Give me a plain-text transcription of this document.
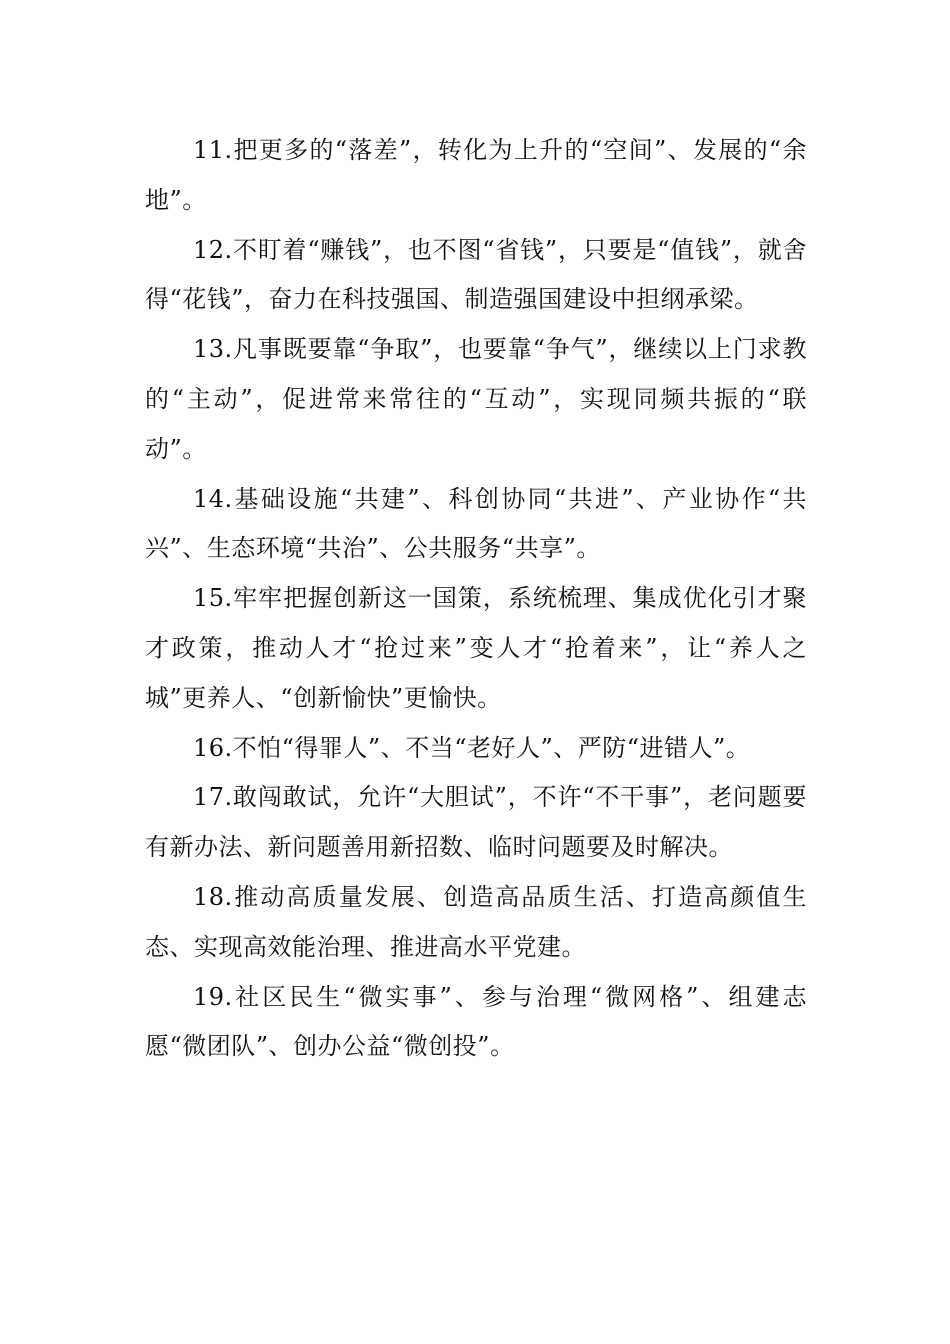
11.把更多的“落差”，转化为上升的“空间”、发展的“余地”。

12.不盯着“赚钱”，也不图“省钱”，只要是“值钱”，就舍得“花钱”，奋力在科技强国、制造强国建设中担纲承梁。

13.凡事既要靠“争取”，也要靠“争气”，继续以上门求教的“主动”，促进常来常往的“互动”，实现同频共振的“联动”。

14.基础设施“共建”、科创协同“共进”、产业协作“共兴”、生态环境“共治”、公共服务“共享”。

15.牢牢把握创新这一国策，系统梳理、集成优化引才聚才政策，推动人才“抢过来”变人才“抢着来”，让“养人之城”更养人、“创新愉快”更愉快。

16.不怕“得罪人”、不当“老好人”、严防“进错人”。

17.敢闯敢试，允许“大胆试”，不许“不干事”，老问题要有新办法、新问题善用新招数、临时问题要及时解决。

18.推动高质量发展、创造高品质生活、打造高颜值生态、实现高效能治理、推进高水平党建。

19.社区民生“微实事”、参与治理“微网格”、组建志愿“微团队”、创办公益“微创投”。
